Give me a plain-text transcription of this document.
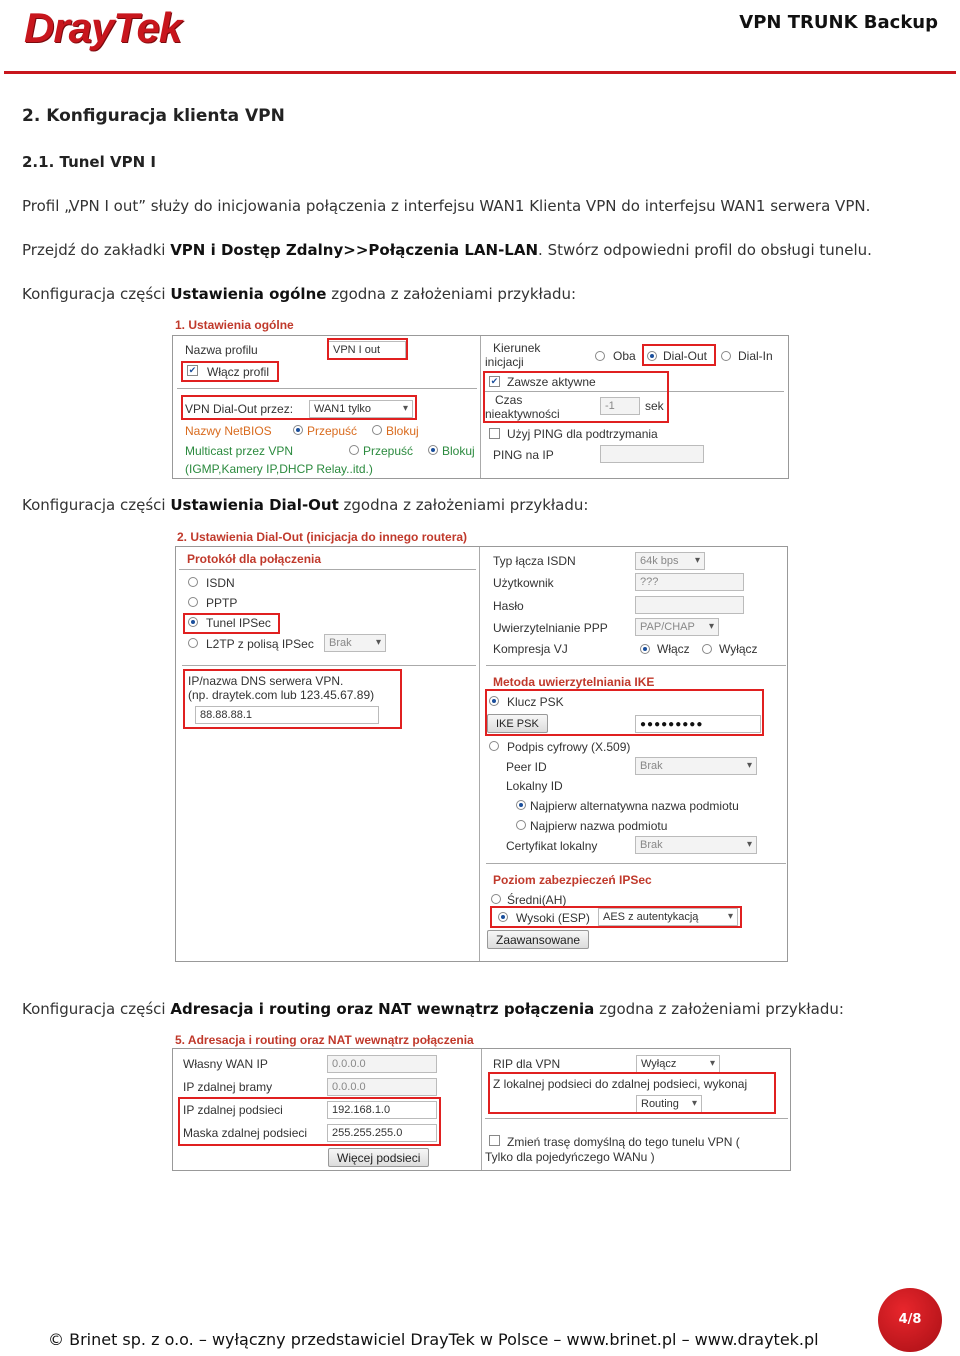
DrayTek	VPN TRUNK Backup
2. Konfiguracja klienta VPN
2.1. Tunel VPN I
Profil „VPN I out” służy do inicjowania połączenia z interfejsu WAN1 Klienta VPN do interfejsu WAN1 serwera VPN.
Przejdź do zakładki VPN i Dostęp Zdalny>>Połączenia LAN-LAN. Stwórz odpowiedni profil do obsługi tunelu.
Konfiguracja części Ustawienia ogólne zgodna z założeniami przykładu:
1. Ustawienia ogólne
Nazwa profilu	VPN I out
✔ Włącz profil
VPN Dial-Out przez:	WAN1 tylko ▾
Nazwy NetBIOS	Przepuść Blokuj
Multicast przez VPN
(IGMP,Kamery IP,DHCP Relay..itd.)
Przepuść Blokuj
Kierunek
inicjacji	Oba Dial-Out	Dial-In
✔ Zawsze aktywne
Czas
nieaktywności
-1	sek
Użyj PING dla podtrzymania
PING na IP
Konfiguracja części Ustawienia Dial-Out zgodna z założeniami przykładu:
2. Ustawienia Dial-Out (inicjacja do innego routera)
Protokół dla połączenia
ISDN
PPTP
Tunel IPSec
L2TP z polisą IPSec	Brak ▾
Typ łącza ISDN	64k bps ▾
Użytkownik	???
Hasło
Uwierzytelnianie PPP	PAP/CHAP ▾
Kompresja VJ	Włącz Wyłącz
IP/nazwa DNS serwera VPN.
(np. draytek.com lub 123.45.67.89)
88.88.88.1
Metoda uwierzytelniania IKE
Klucz PSK
IKE PSK	●●●●●●●●●
Podpis cyfrowy (X.509)
Peer ID	Brak ▾
Lokalny ID
Najpierw alternatywna nazwa podmiotu
Najpierw nazwa podmiotu
Certyfikat lokalny	Brak ▾
Poziom zabezpieczeń IPSec
Średni(AH)
Wysoki (ESP)	AES z autentykacją ▾
Zaawansowane
Konfiguracja części Adresacja i routing oraz NAT wewnątrz połączenia zgodna z założeniami przykładu:
5. Adresacja i routing oraz NAT wewnątrz połączenia
Własny WAN IP	0.0.0.0
IP zdalnej bramy	0.0.0.0
IP zdalnej podsieci	192.168.1.0
Maska zdalnej podsieci	255.255.255.0
Więcej podsieci
RIP dla VPN	Wyłącz ▾
Z lokalnej podsieci do zdalnej podsieci, wykonaj
Routing ▾
Zmień trasę domyślną do tego tunelu VPN (
Tylko dla pojedyńczego WANu )
© Brinet sp. z o.o. – wyłączny przedstawiciel DrayTek w Polsce – www.brinet.pl – www.draytek.pl
4/8
